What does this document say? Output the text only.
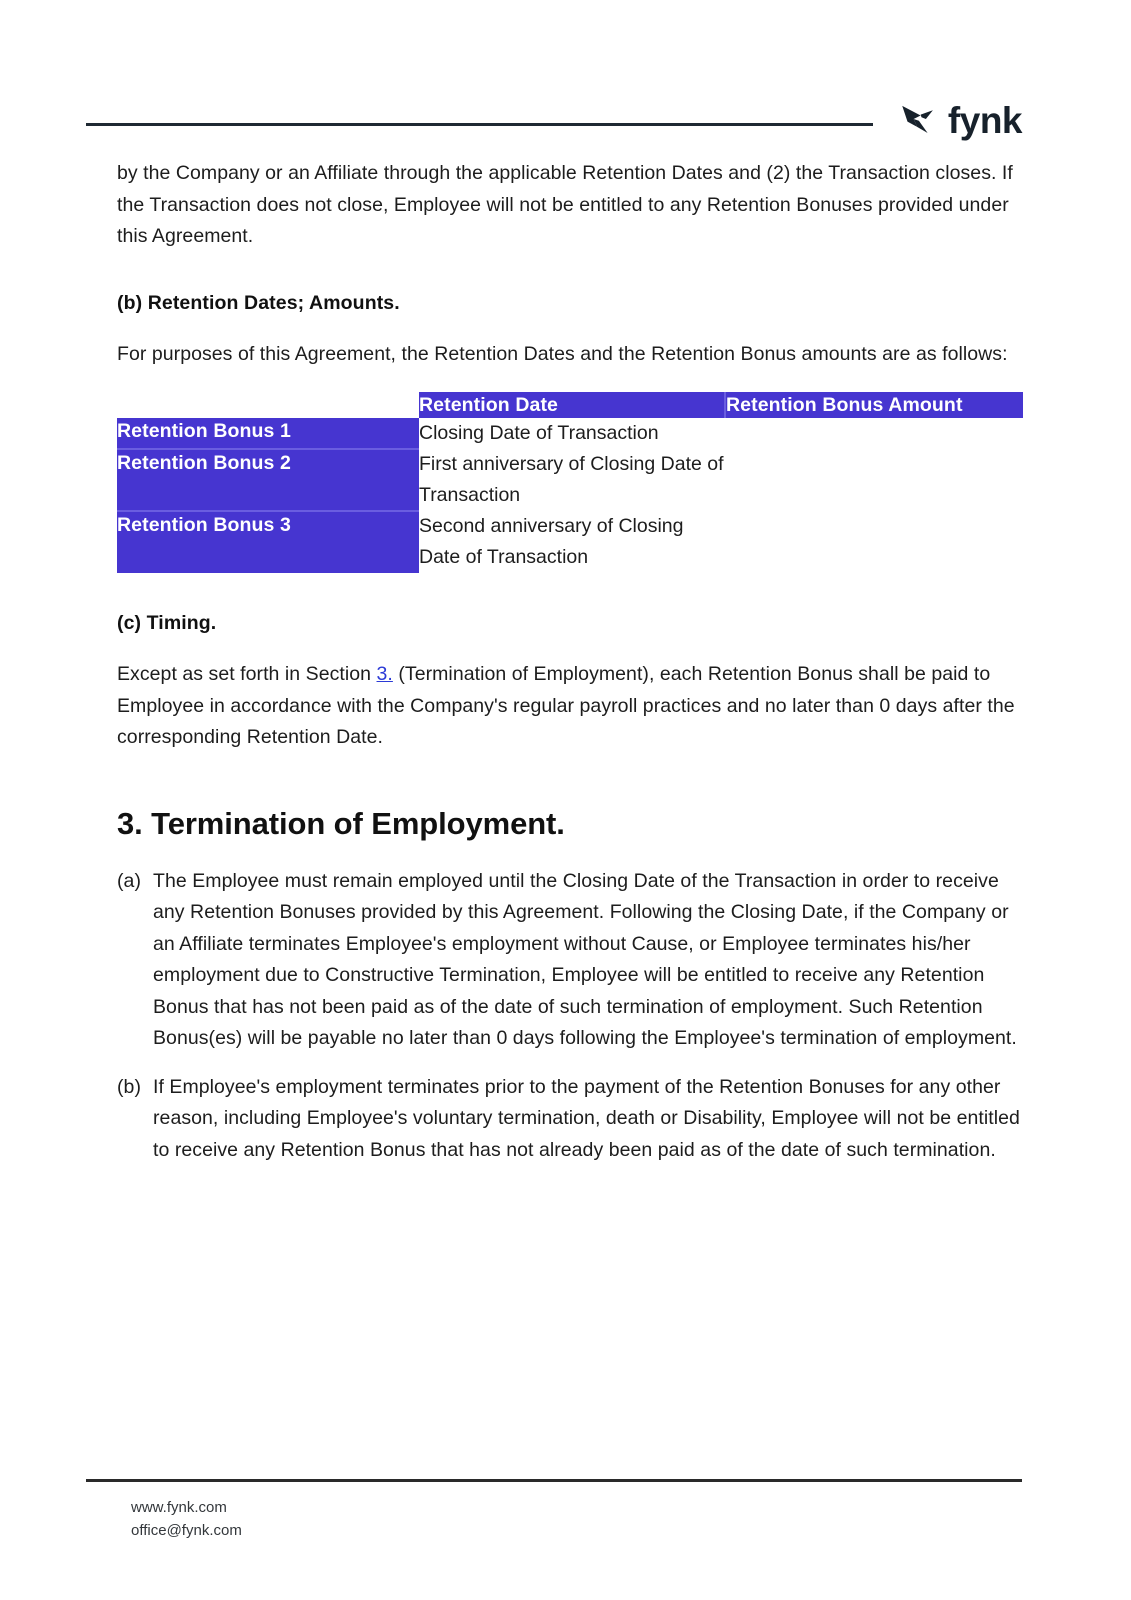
fynk

by the Company or an Affiliate through the applicable Retention Dates and (2) the Transaction closes. If the Transaction does not close, Employee will not be entitled to any Retention Bonuses provided under this Agreement.

(b) Retention Dates; Amounts.

For purposes of this Agreement, the Retention Dates and the Retention Bonus amounts are as follows:

	Retention Date	Retention Bonus Amount
Retention Bonus 1	Closing Date of Transaction	
Retention Bonus 2	First anniversary of Closing Date of Transaction	
Retention Bonus 3	Second anniversary of Closing Date of Transaction	
(c) Timing.

Except as set forth in Section 3. (Termination of Employment), each Retention Bonus shall be paid to Employee in accordance with the Company's regular payroll practices and no later than 0 days after the corresponding Retention Date.

3. Termination of Employment.
(a) The Employee must remain employed until the Closing Date of the Transaction in order to receive any Retention Bonuses provided by this Agreement. Following the Closing Date, if the Company or an Affiliate terminates Employee's employment without Cause, or Employee terminates his/her employment due to Constructive Termination, Employee will be entitled to receive any Retention Bonus that has not been paid as of the date of such termination of employment. Such Retention Bonus(es) will be payable no later than 0 days following the Employee's termination of employment.
(b) If Employee's employment terminates prior to the payment of the Retention Bonuses for any other reason, including Employee's voluntary termination, death or Disability, Employee will not be entitled to receive any Retention Bonus that has not already been paid as of the date of such termination.
www.fynk.com
office@fynk.com
